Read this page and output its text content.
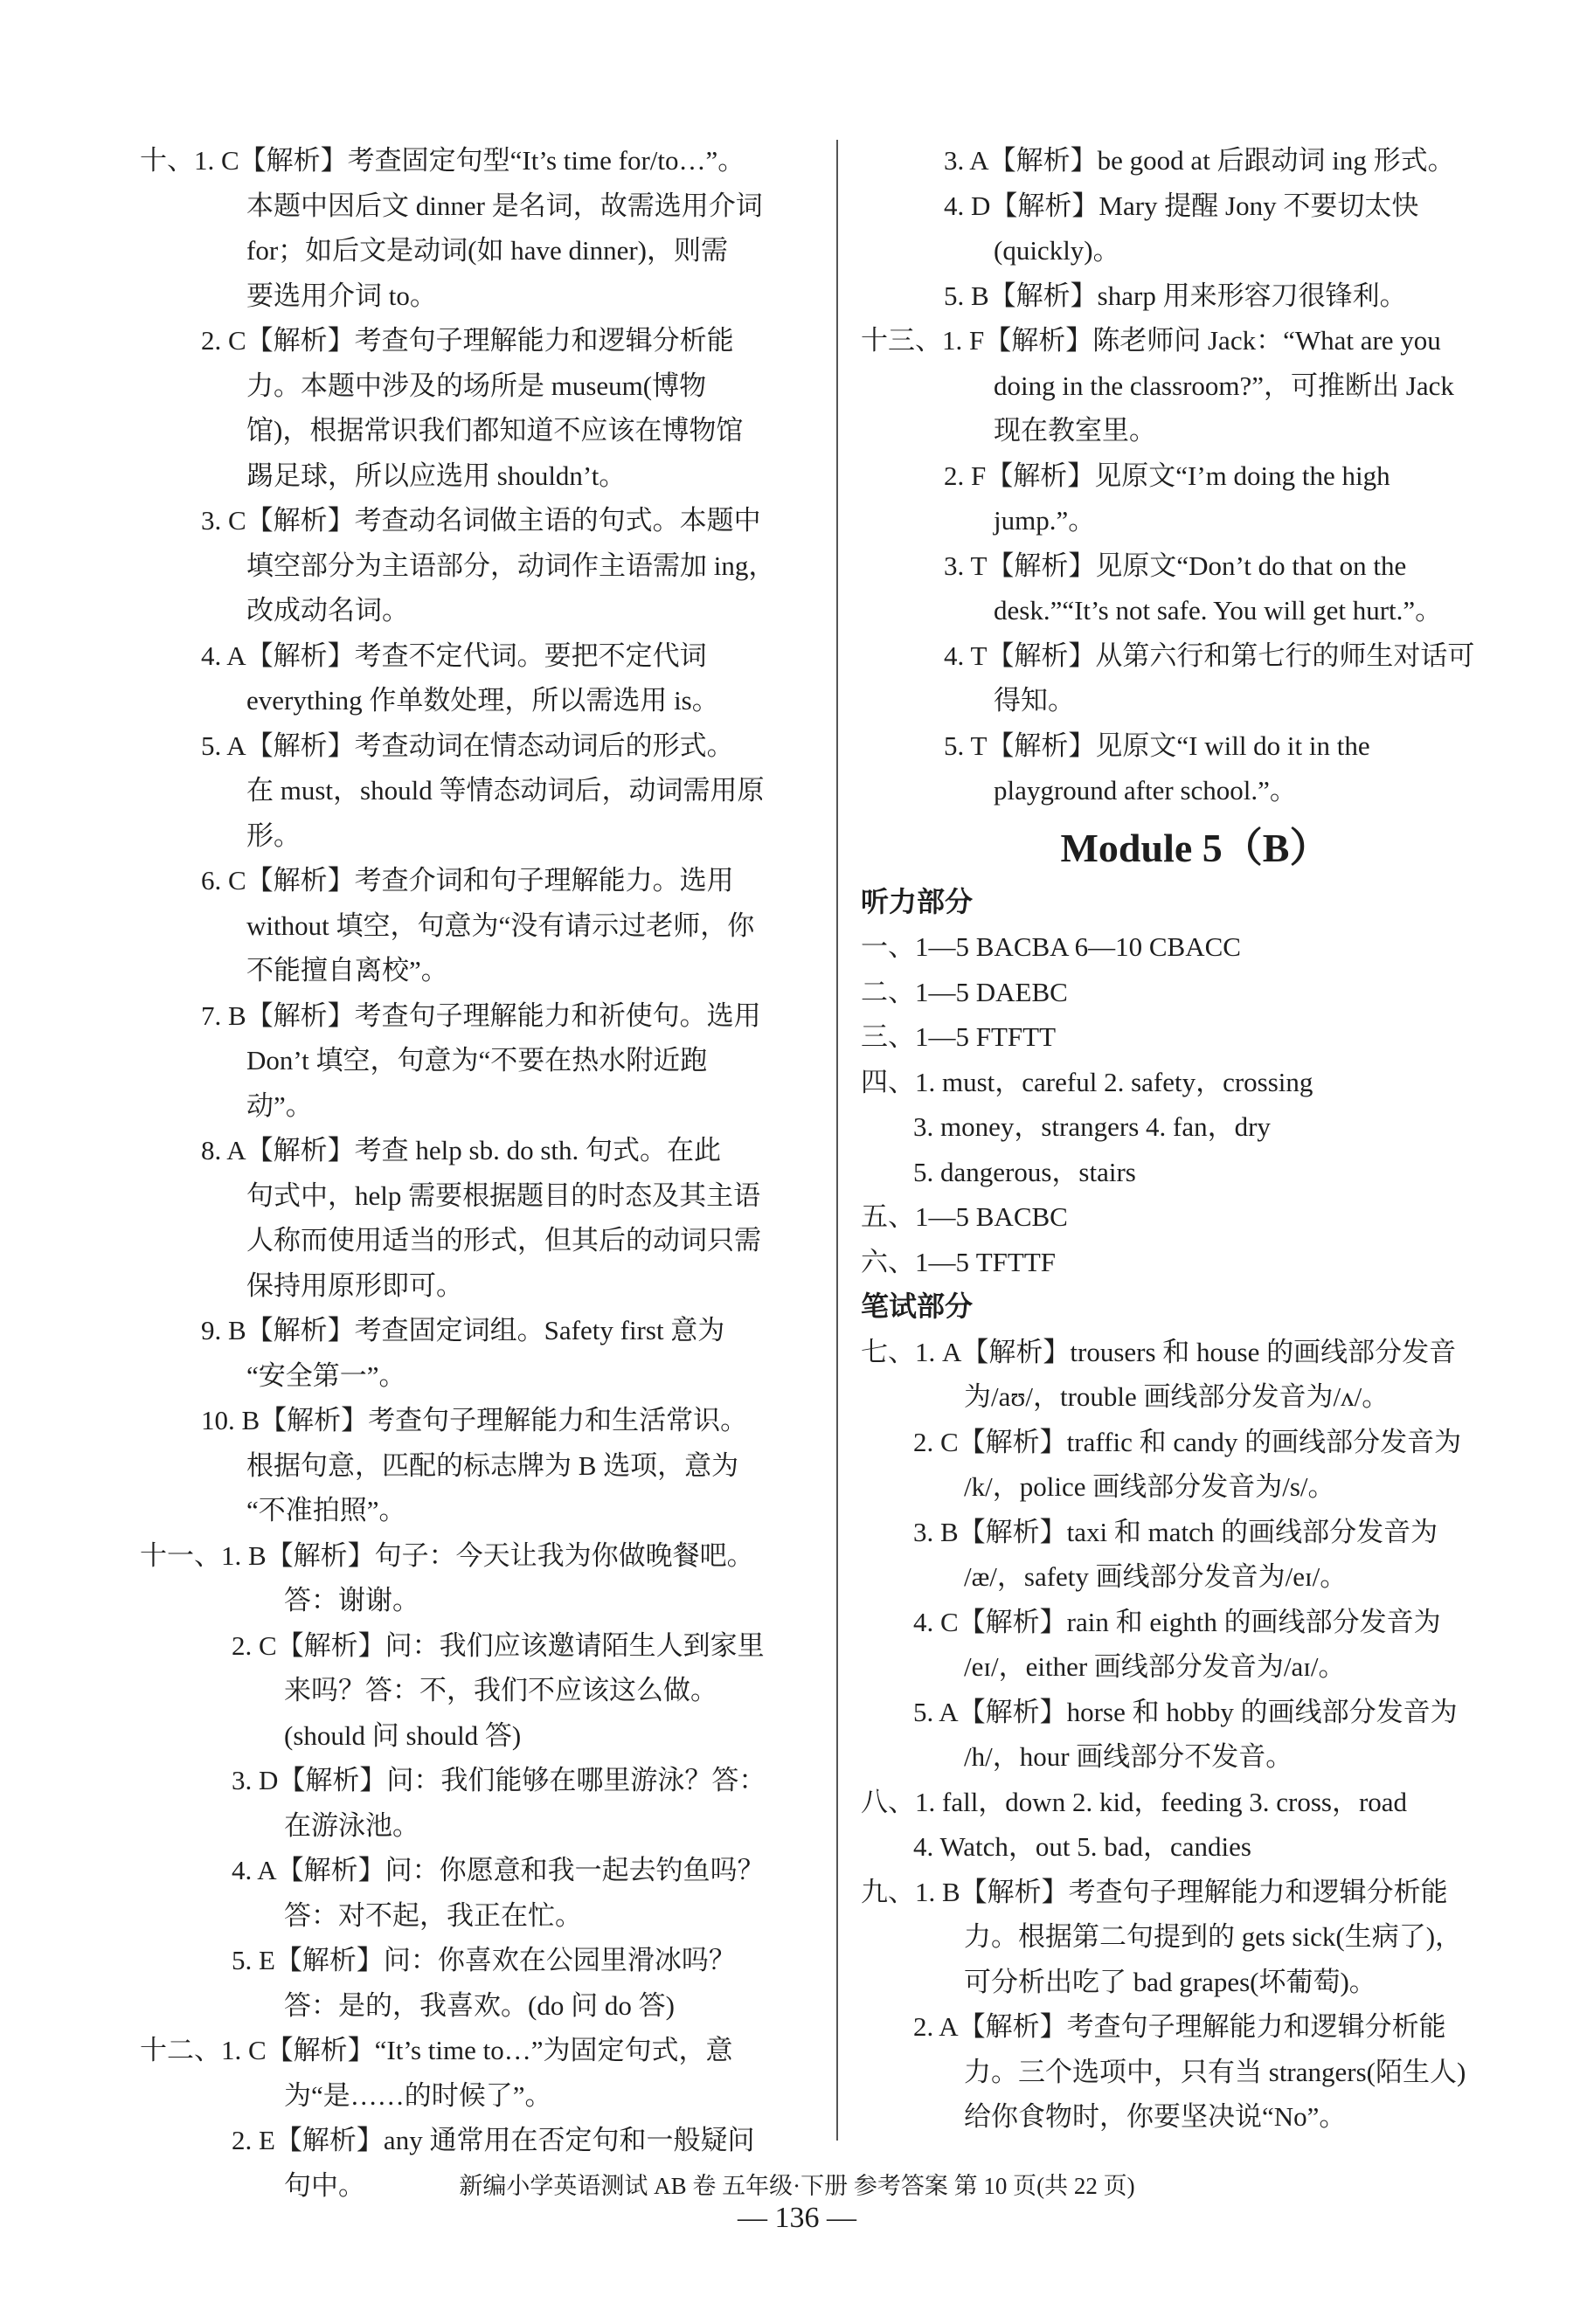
十、1. C【解析】考查固定句型“It’s time for/to…”。
本题中因后文 dinner 是名词，故需选用介词
for；如后文是动词(如 have dinner)，则需
要选用介词 to。
2. C【解析】考查句子理解能力和逻辑分析能
力。本题中涉及的场所是 museum(博物
馆)，根据常识我们都知道不应该在博物馆
踢足球，所以应选用 shouldn’t。
3. C【解析】考查动名词做主语的句式。本题中
填空部分为主语部分，动词作主语需加 ing，
改成动名词。
4. A【解析】考查不定代词。要把不定代词
everything 作单数处理，所以需选用 is。
5. A【解析】考查动词在情态动词后的形式。
在 must，should 等情态动词后，动词需用原
形。
6. C【解析】考查介词和句子理解能力。选用
without 填空，句意为“没有请示过老师，你
不能擅自离校”。
7. B【解析】考查句子理解能力和祈使句。选用
Don’t 填空，句意为“不要在热水附近跑
动”。
8. A【解析】考查 help sb. do sth. 句式。在此
句式中，help 需要根据题目的时态及其主语
人称而使用适当的形式，但其后的动词只需
保持用原形即可。
9. B【解析】考查固定词组。Safety first 意为
“安全第一”。
10. B【解析】考查句子理解能力和生活常识。
根据句意，匹配的标志牌为 B 选项，意为
“不准拍照”。
十一、1. B【解析】句子：今天让我为你做晚餐吧。
答：谢谢。
2. C【解析】问：我们应该邀请陌生人到家里
来吗？答：不，我们不应该这么做。
(should 问 should 答)
3. D【解析】问：我们能够在哪里游泳？答：
在游泳池。
4. A【解析】问：你愿意和我一起去钓鱼吗？
答：对不起，我正在忙。
5. E【解析】问：你喜欢在公园里滑冰吗？
答：是的，我喜欢。(do 问 do 答)
十二、1. C【解析】“It’s time to…”为固定句式，意
为“是……的时候了”。
2. E【解析】any 通常用在否定句和一般疑问
句中。
3. A【解析】be good at 后跟动词 ing 形式。
4. D【解析】Mary 提醒 Jony 不要切太快
(quickly)。
5. B【解析】sharp 用来形容刀很锋利。
十三、1. F【解析】陈老师问 Jack：“What are you
doing in the classroom?”，可推断出 Jack
现在教室里。
2. F【解析】见原文“I’m doing the high
jump.”。
3. T【解析】见原文“Don’t do that on the
desk.”“It’s not safe. You will get hurt.”。
4. T【解析】从第六行和第七行的师生对话可
得知。
5. T【解析】见原文“I will do it in the
playground after school.”。
Module 5（B）
听力部分
一、1—5 BACBA 6—10 CBACC
二、1—5 DAEBC
三、1—5 FTFTT
四、1. must，careful 2. safety，crossing
3. money，strangers 4. fan，dry
5. dangerous，stairs
五、1—5 BACBC
六、1—5 TFTTF
笔试部分
七、1. A【解析】trousers 和 house 的画线部分发音
为/aʊ/，trouble 画线部分发音为/ʌ/。
2. C【解析】traffic 和 candy 的画线部分发音为
/k/，police 画线部分发音为/s/。
3. B【解析】taxi 和 match 的画线部分发音为
/æ/，safety 画线部分发音为/eɪ/。
4. C【解析】rain 和 eighth 的画线部分发音为
/eɪ/，either 画线部分发音为/aɪ/。
5. A【解析】horse 和 hobby 的画线部分发音为
/h/，hour 画线部分不发音。
八、1. fall，down 2. kid，feeding 3. cross，road
4. Watch，out 5. bad，candies
九、1. B【解析】考查句子理解能力和逻辑分析能
力。根据第二句提到的 gets sick(生病了)，
可分析出吃了 bad grapes(坏葡萄)。
2. A【解析】考查句子理解能力和逻辑分析能
力。三个选项中，只有当 strangers(陌生人)
给你食物时，你要坚决说“No”。
新编小学英语测试 AB 卷 五年级·下册 参考答案 第 10 页(共 22 页)
— 136 —
